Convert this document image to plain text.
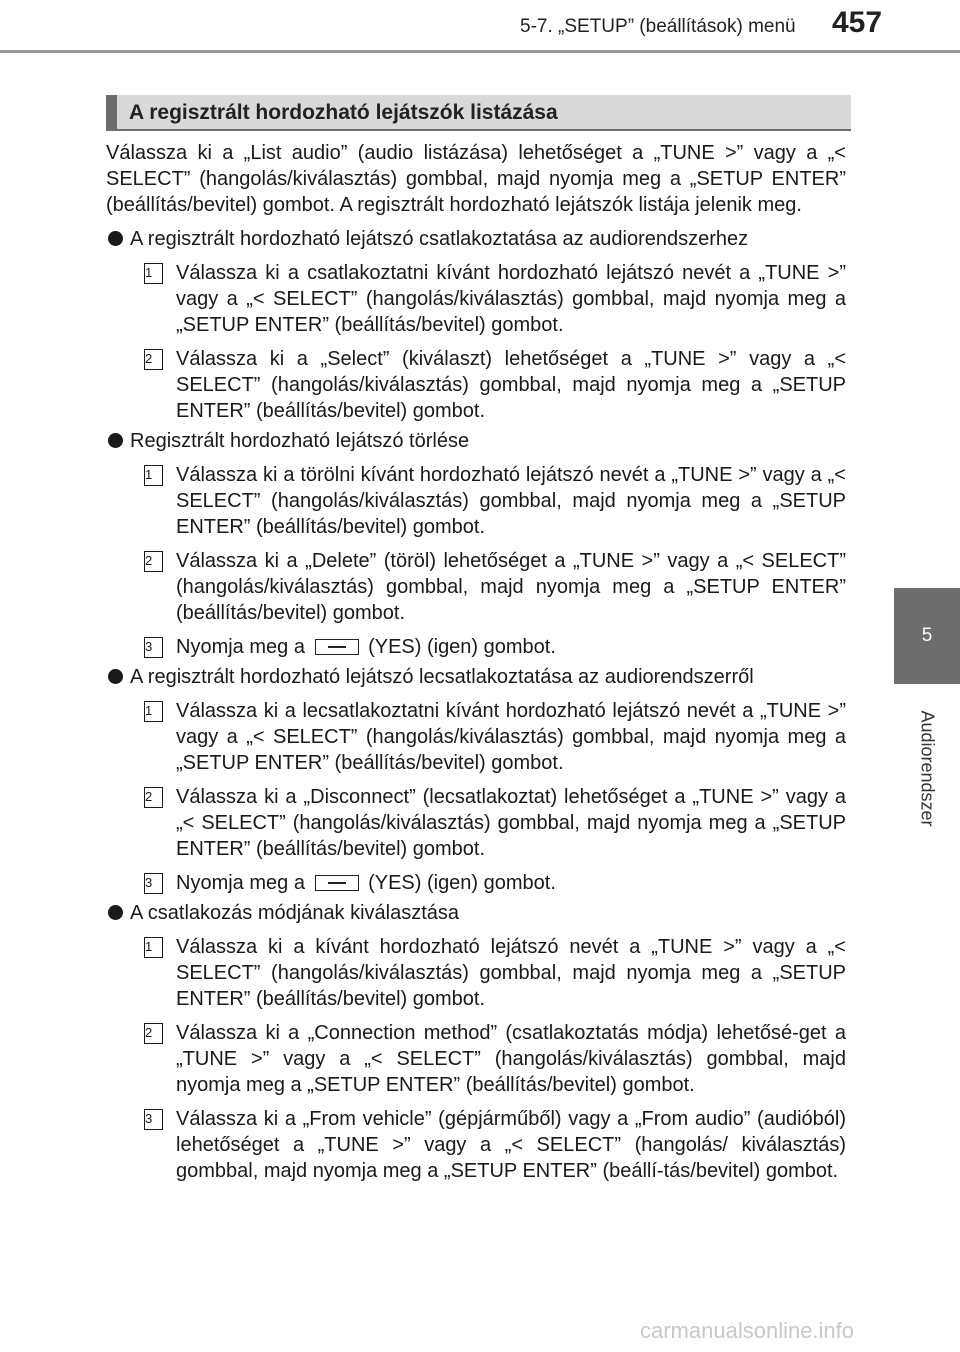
5-7. „SETUP” (beállítások) menü 457
5
Audiorendszer
A regisztrált hordozható lejátszók listázása

Válassza ki a „List audio” (audio listázása) lehetőséget a „TUNE >” vagy a „< SELECT” (hangolás/kiválasztás) gombbal, majd nyomja meg a „SETUP ENTER” (beállítás/bevitel) gombot. A regisztrált hordozható lejátszók listája jelenik meg.

A regisztrált hordozható lejátszó csatlakoztatása az audiorendszerhez
1	Válassza ki a csatlakoztatni kívánt hordozható lejátszó nevét a „TUNE >” vagy a „< SELECT” (hangolás/kiválasztás) gombbal, majd nyomja meg a „SETUP ENTER” (beállítás/bevitel) gombot.
2	Válassza ki a „Select” (kiválaszt) lehetőséget a „TUNE >” vagy a „< SELECT” (hangolás/kiválasztás) gombbal, majd nyomja meg a „SETUP ENTER” (beállítás/bevitel) gombot.
Regisztrált hordozható lejátszó törlése
1	Válassza ki a törölni kívánt hordozható lejátszó nevét a „TUNE >” vagy a „< SELECT” (hangolás/kiválasztás) gombbal, majd nyomja meg a „SETUP ENTER” (beállítás/bevitel) gombot.
2	Válassza ki a „Delete” (töröl) lehetőséget a „TUNE >” vagy a „< SELECT” (hangolás/kiválasztás) gombbal, majd nyomja meg a „SETUP ENTER” (beállítás/bevitel) gombot.
3	Nyomja meg a	(YES) (igen) gombot.
A regisztrált hordozható lejátszó lecsatlakoztatása az audiorendszerről
1	Válassza ki a lecsatlakoztatni kívánt hordozható lejátszó nevét a „TUNE >” vagy a „< SELECT” (hangolás/kiválasztás) gombbal, majd nyomja meg a „SETUP ENTER” (beállítás/bevitel) gombot.
2	Válassza ki a „Disconnect” (lecsatlakoztat) lehetőséget a „TUNE >” vagy a „< SELECT” (hangolás/kiválasztás) gombbal, majd nyomja meg a „SETUP ENTER” (beállítás/bevitel) gombot.
3	Nyomja meg a	(YES) (igen) gombot.
A csatlakozás módjának kiválasztása
1	Válassza ki a kívánt hordozható lejátszó nevét a „TUNE >” vagy a „< SELECT” (hangolás/kiválasztás) gombbal, majd nyomja meg a „SETUP ENTER” (beállítás/bevitel) gombot.
2	Válassza ki a „Connection method” (csatlakoztatás módja) lehetősé-get a „TUNE >” vagy a „< SELECT” (hangolás/kiválasztás) gombbal, majd nyomja meg a „SETUP ENTER” (beállítás/bevitel) gombot.
3	Válassza ki a „From vehicle” (gépjárműből) vagy a „From audio” (audióból) lehetőséget a „TUNE >” vagy a „< SELECT” (hangolás/ kiválasztás) gombbal, majd nyomja meg a „SETUP ENTER” (beállí-tás/bevitel) gombot.
carmanualsonline.info
